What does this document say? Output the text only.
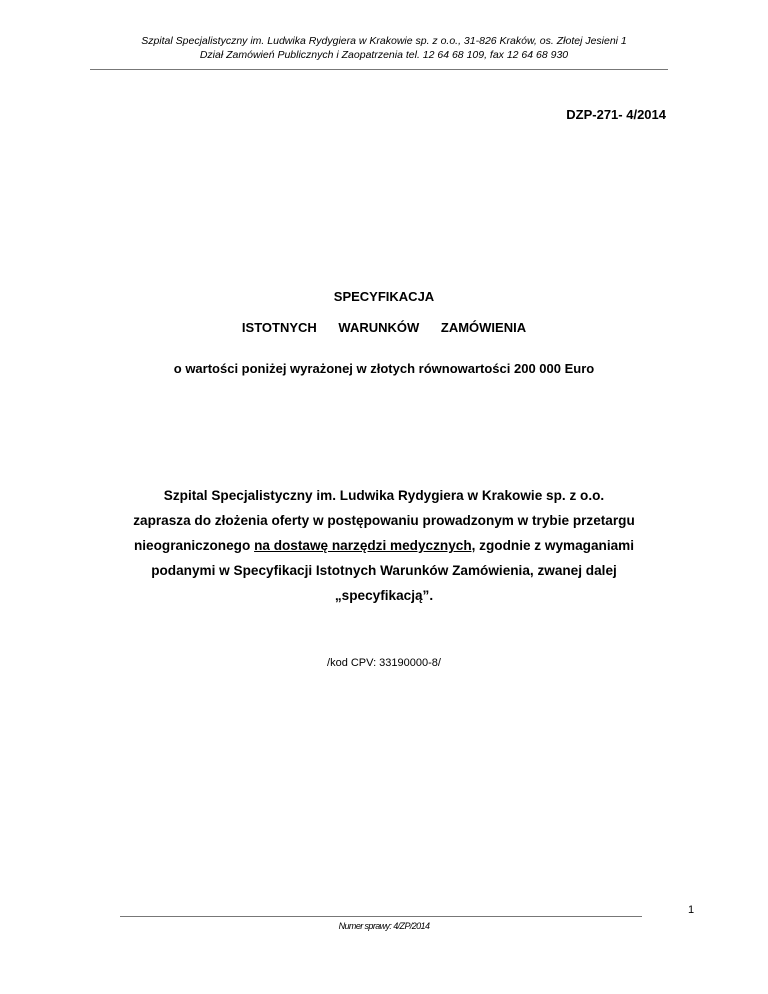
Szpital Specjalistyczny im. Ludwika Rydygiera w Krakowie sp. z o.o., 31-826 Kraków, os. Złotej Jesieni 1
Dział Zamówień Publicznych i Zaopatrzenia tel. 12 64 68 109, fax 12 64 68 930
DZP-271- 4/2014
SPECYFIKACJA
ISTOTNYCH WARUNKÓW ZAMÓWIENIA
o wartości poniżej wyrażonej w złotych równowartości 200 000 Euro
Szpital Specjalistyczny im. Ludwika Rydygiera w Krakowie sp. z o.o.
zaprasza do złożenia oferty w postępowaniu prowadzonym w trybie przetargu
nieograniczonego na dostawę narzędzi medycznych, zgodnie z wymaganiami
podanymi w Specyfikacji Istotnych Warunków Zamówienia, zwanej dalej
„specyfikacją”.
/kod CPV: 33190000-8/
Numer sprawy: 4/ZP/2014
1
